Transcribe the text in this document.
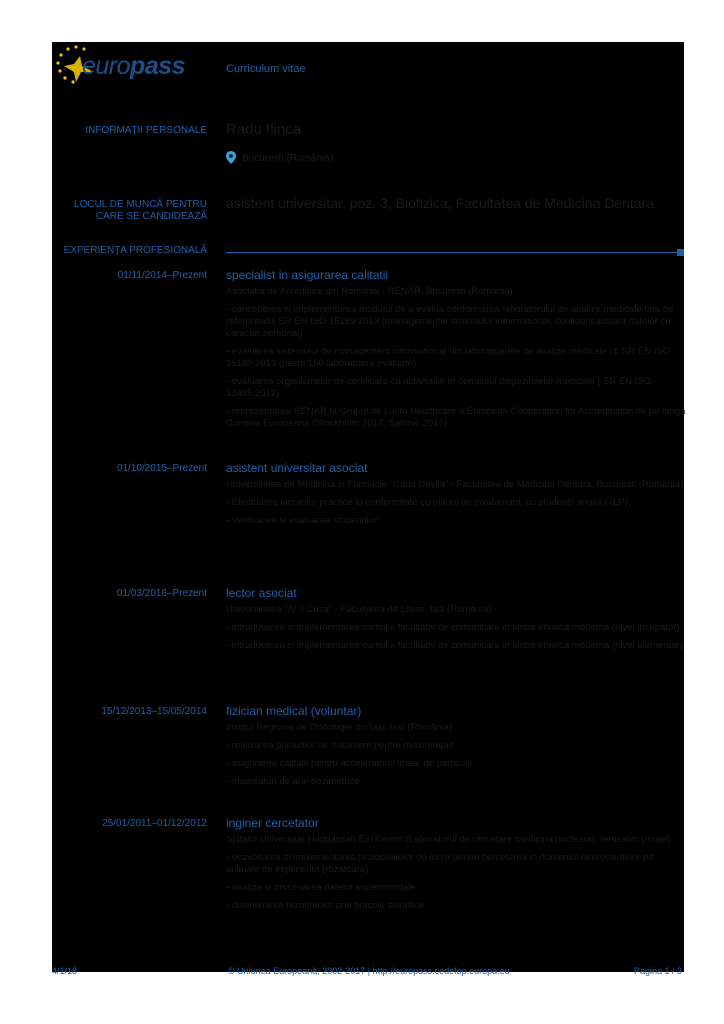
europass	Curriculum vitae
INFORMAŢII PERSONALE Radu Ilinca
Bucuresti (România)
LOCUL DE MUNCĂ PENTRU
CARE SE CANDIDEAZĂ
asistent universitar, poz. 3, Biofizica, Facultatea de Medicina Dentara
EXPERIENŢA PROFESIONALĂ
01/11/2014–Prezent specialist in asigurarea calitatii
Asociatia de Acreditare din Romania - RENAR, Bucuresti (România)
- conceperea si implementarea modului de a evalua conformarea laboratorului de analize medicale fata de referentialul SR EN ISO 15189:2013 (managementul sistemului informational, confidentialitatea datelor cu caracter personal)
- evaluarea sistemului de management informational din laboratoarele de analize medicale cf. SR EN ISO 15189:2013 (peste 150 laboratoare evaluate)
- evaluarea organismelor de certificare cu activitatile in domeniul dispozitivelor medicale ( SR EN ISO 13485:2012).
- reprezentarea RENAR la Grupul de Lucru Healthcare a European Cooperation for Accreditation de pe langa Comisia Europeana (Stockholm 2017; Salonic 2017)
01/10/2015–Prezent asistent universitar asociat
Universitatea de Medicina si Farmacie "Carol Davila" - Facultatea de Medicina Dentara, Bucuresti (România)
- Efectuarea lucrarilor practice in conformitate cu planul de invatamant; cu studentii anului I (LP);
- Verificarea si evaluarea studentilor;
01/03/2016–Prezent lector asociat
Universitatea "Al. I Cuza" - Facultatea de Litere, Iasi (România)
- introducerea si implementarea cursului facultativ de comunicare in limba ebraica moderna (nivel incepator)
- introducerea si implementarea cursului facultativ de comunicare in limba ebraica moderna (nivel elementar)
15/12/2013–15/05/2014 fizician medical (voluntar)
Institul Regional de Oncologie din Iasi, Iasi (România)
- realizarea planurilor de tratament pentru radioterapie
- asigurarea calitatii pentru acceleratorul linear de particule
- masuratori de arie dozimetrice
25/01/2011–01/12/2012 inginer cercetator
Spitalul Universitar Haddassah Ein Kerem (Laboratorul de cercetare medicina nucleara), Ierusalim (Israel)
- dezvoltarea si implementarea protocoalelor de lucru pentru cercetarea in domeniul neurostiintelor pe animale de experienta (rozatoare)
- analiza si procesarea datelor experimentale
- diseminarea rezultatelor prin articole stiintifice
4/1/18	© Uniunea Europeană, 2002-2017 | http://europass.cedefop.europa.eu	Pagina 1 / 3
